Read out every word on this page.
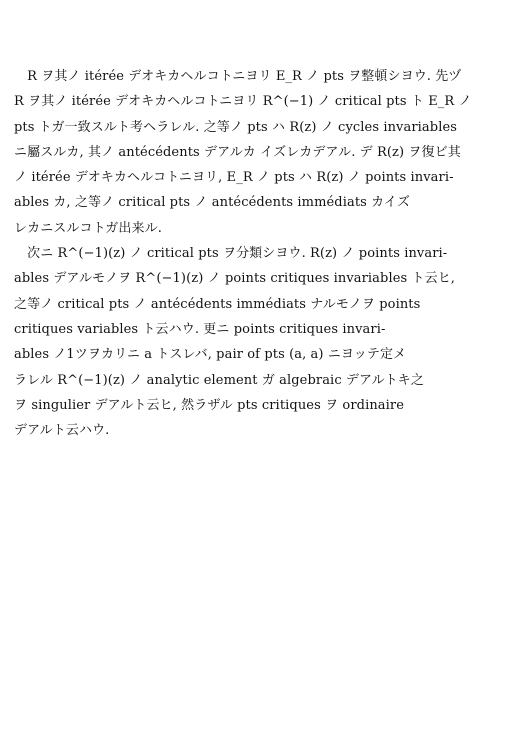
　R ヲ其ノ itérée デオキカヘルコトニヨリ E_R ノ pts ヲ整頓シヨウ. 先ヅ
R ヲ其ノ itérée デオキカヘルコトニヨリ R^(−1) ノ critical pts ト E_R ノ
pts トガ一致スルト考ヘラレル. 之等ノ pts ハ R(z) ノ cycles invariables
ニ屬スルカ, 其ノ antécédents デアルカ イズレカデアル. デ R(z) ヲ復ビ其
ノ itérée デオキカヘルコトニヨリ, E_R ノ pts ハ R(z) ノ points invari-
ables カ, 之等ノ critical pts ノ antécédents immédiats カイズ
レカニスルコトガ出来ル.
　次ニ R^(−1)(z) ノ critical pts ヲ分類シヨウ. R(z) ノ points invari-
ables デアルモノヲ R^(−1)(z) ノ points critiques invariables ト云ヒ,
之等ノ critical pts ノ antécédents immédiats ナルモノヲ points
critiques variables ト云ハウ. 更ニ points critiques invari-
ables ノ1ツヲカリニ a トスレバ, pair of pts (a, a) ニヨッテ定メ
ラレル R^(−1)(z) ノ analytic element ガ algebraic デアルトキ之
ヲ singulier デアルト云ヒ, 然ラザル pts critiques ヲ ordinaire
デアルト云ハウ.
